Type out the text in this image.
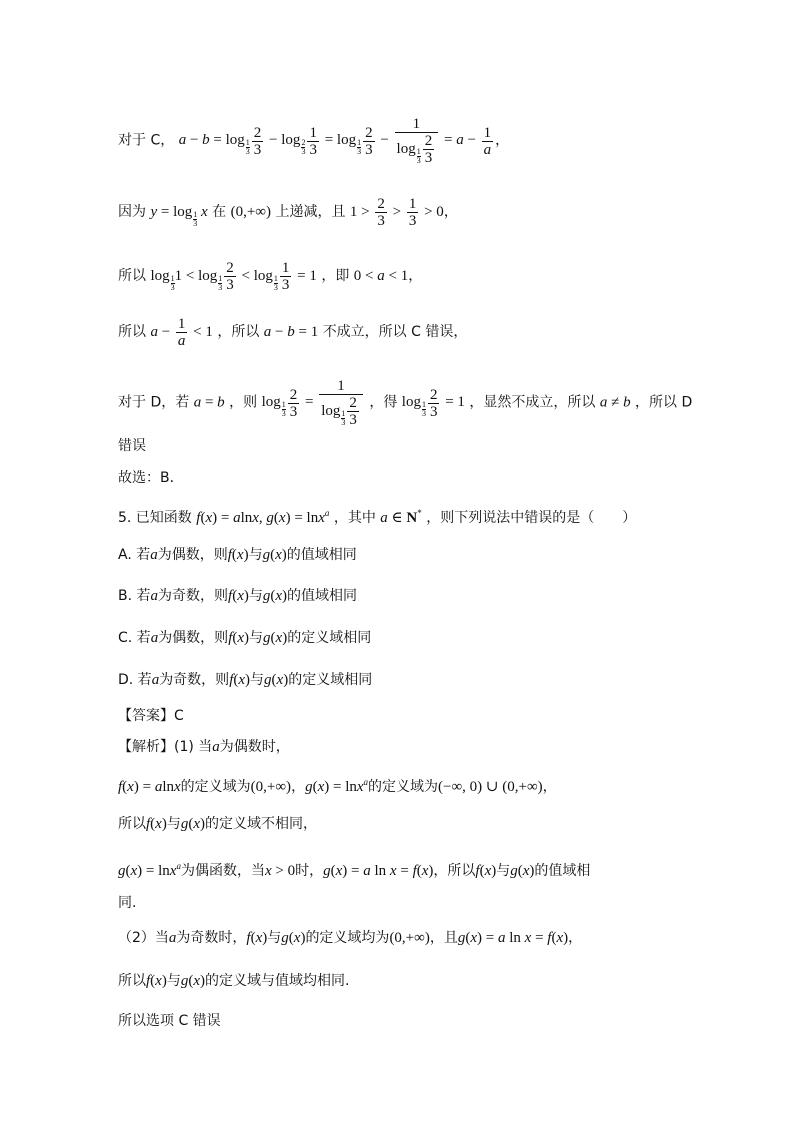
对于 C， $a - b = \log \frac{1}{3} \frac{2}{3} - \log \frac{2}{3} \frac{1}{3} = \log \frac{1}{3} \frac{2}{3} - \frac{1}{\log \frac{1}{3} \frac{2}{3}} = a - \frac{1}{a}$ ，
因为 $y = \log \frac{1}{3}$ x 在 (0,+∞) 上递减，且 $1 > \frac{2}{3} > \frac{1}{3} > 0$，
所以 $\log \frac{1}{3} 1 < \log \frac{1}{3} \frac{2}{3} < \log \frac{1}{3} \frac{1}{3} = 1$ ，即 0 < a < 1，
所以 $a - \frac{1}{a} < 1$ ，所以 a − b = 1 不成立，所以 C 错误，
对于 D，若 a = b ，则 $\log \frac{1}{3} \frac{2}{3} = \frac{1}{\log \frac{1}{3} \frac{2}{3}}$ ，得 $\log \frac{1}{3} \frac{2}{3} = 1$ ，显然不成立，所以 a ≠ b ，所以 D
错误
故选：B．
5. 已知函数 f(x) = alnx, g(x) = lnx$^a$ ，其中 a ∈ N* ，则下列说法中错误的是（　　）
A. 若a为偶数，则f(x)与g(x)的值域相同
B. 若a为奇数，则f(x)与g(x)的值域相同
C. 若a为偶数，则f(x)与g(x)的定义域相同
D. 若a为奇数，则f(x)与g(x)的定义域相同
【答案】C
【解析】(1) 当a为偶数时，
f(x) = alnx的定义域为(0,+∞)，g(x) = lnx$^a$的定义域为(−∞, 0) ∪ (0,+∞)，
所以f(x)与g(x)的定义域不相同，
g(x) = lnx$^a$为偶函数，当x > 0时，g(x) = a ln x = f(x)，所以f(x)与g(x)的值域相
同.
（2）当a为奇数时，f(x)与g(x)的定义域均为(0,+∞)，且g(x) = a ln x = f(x)，
所以f(x)与g(x)的定义域与值域均相同.
所以选项 C 错误
